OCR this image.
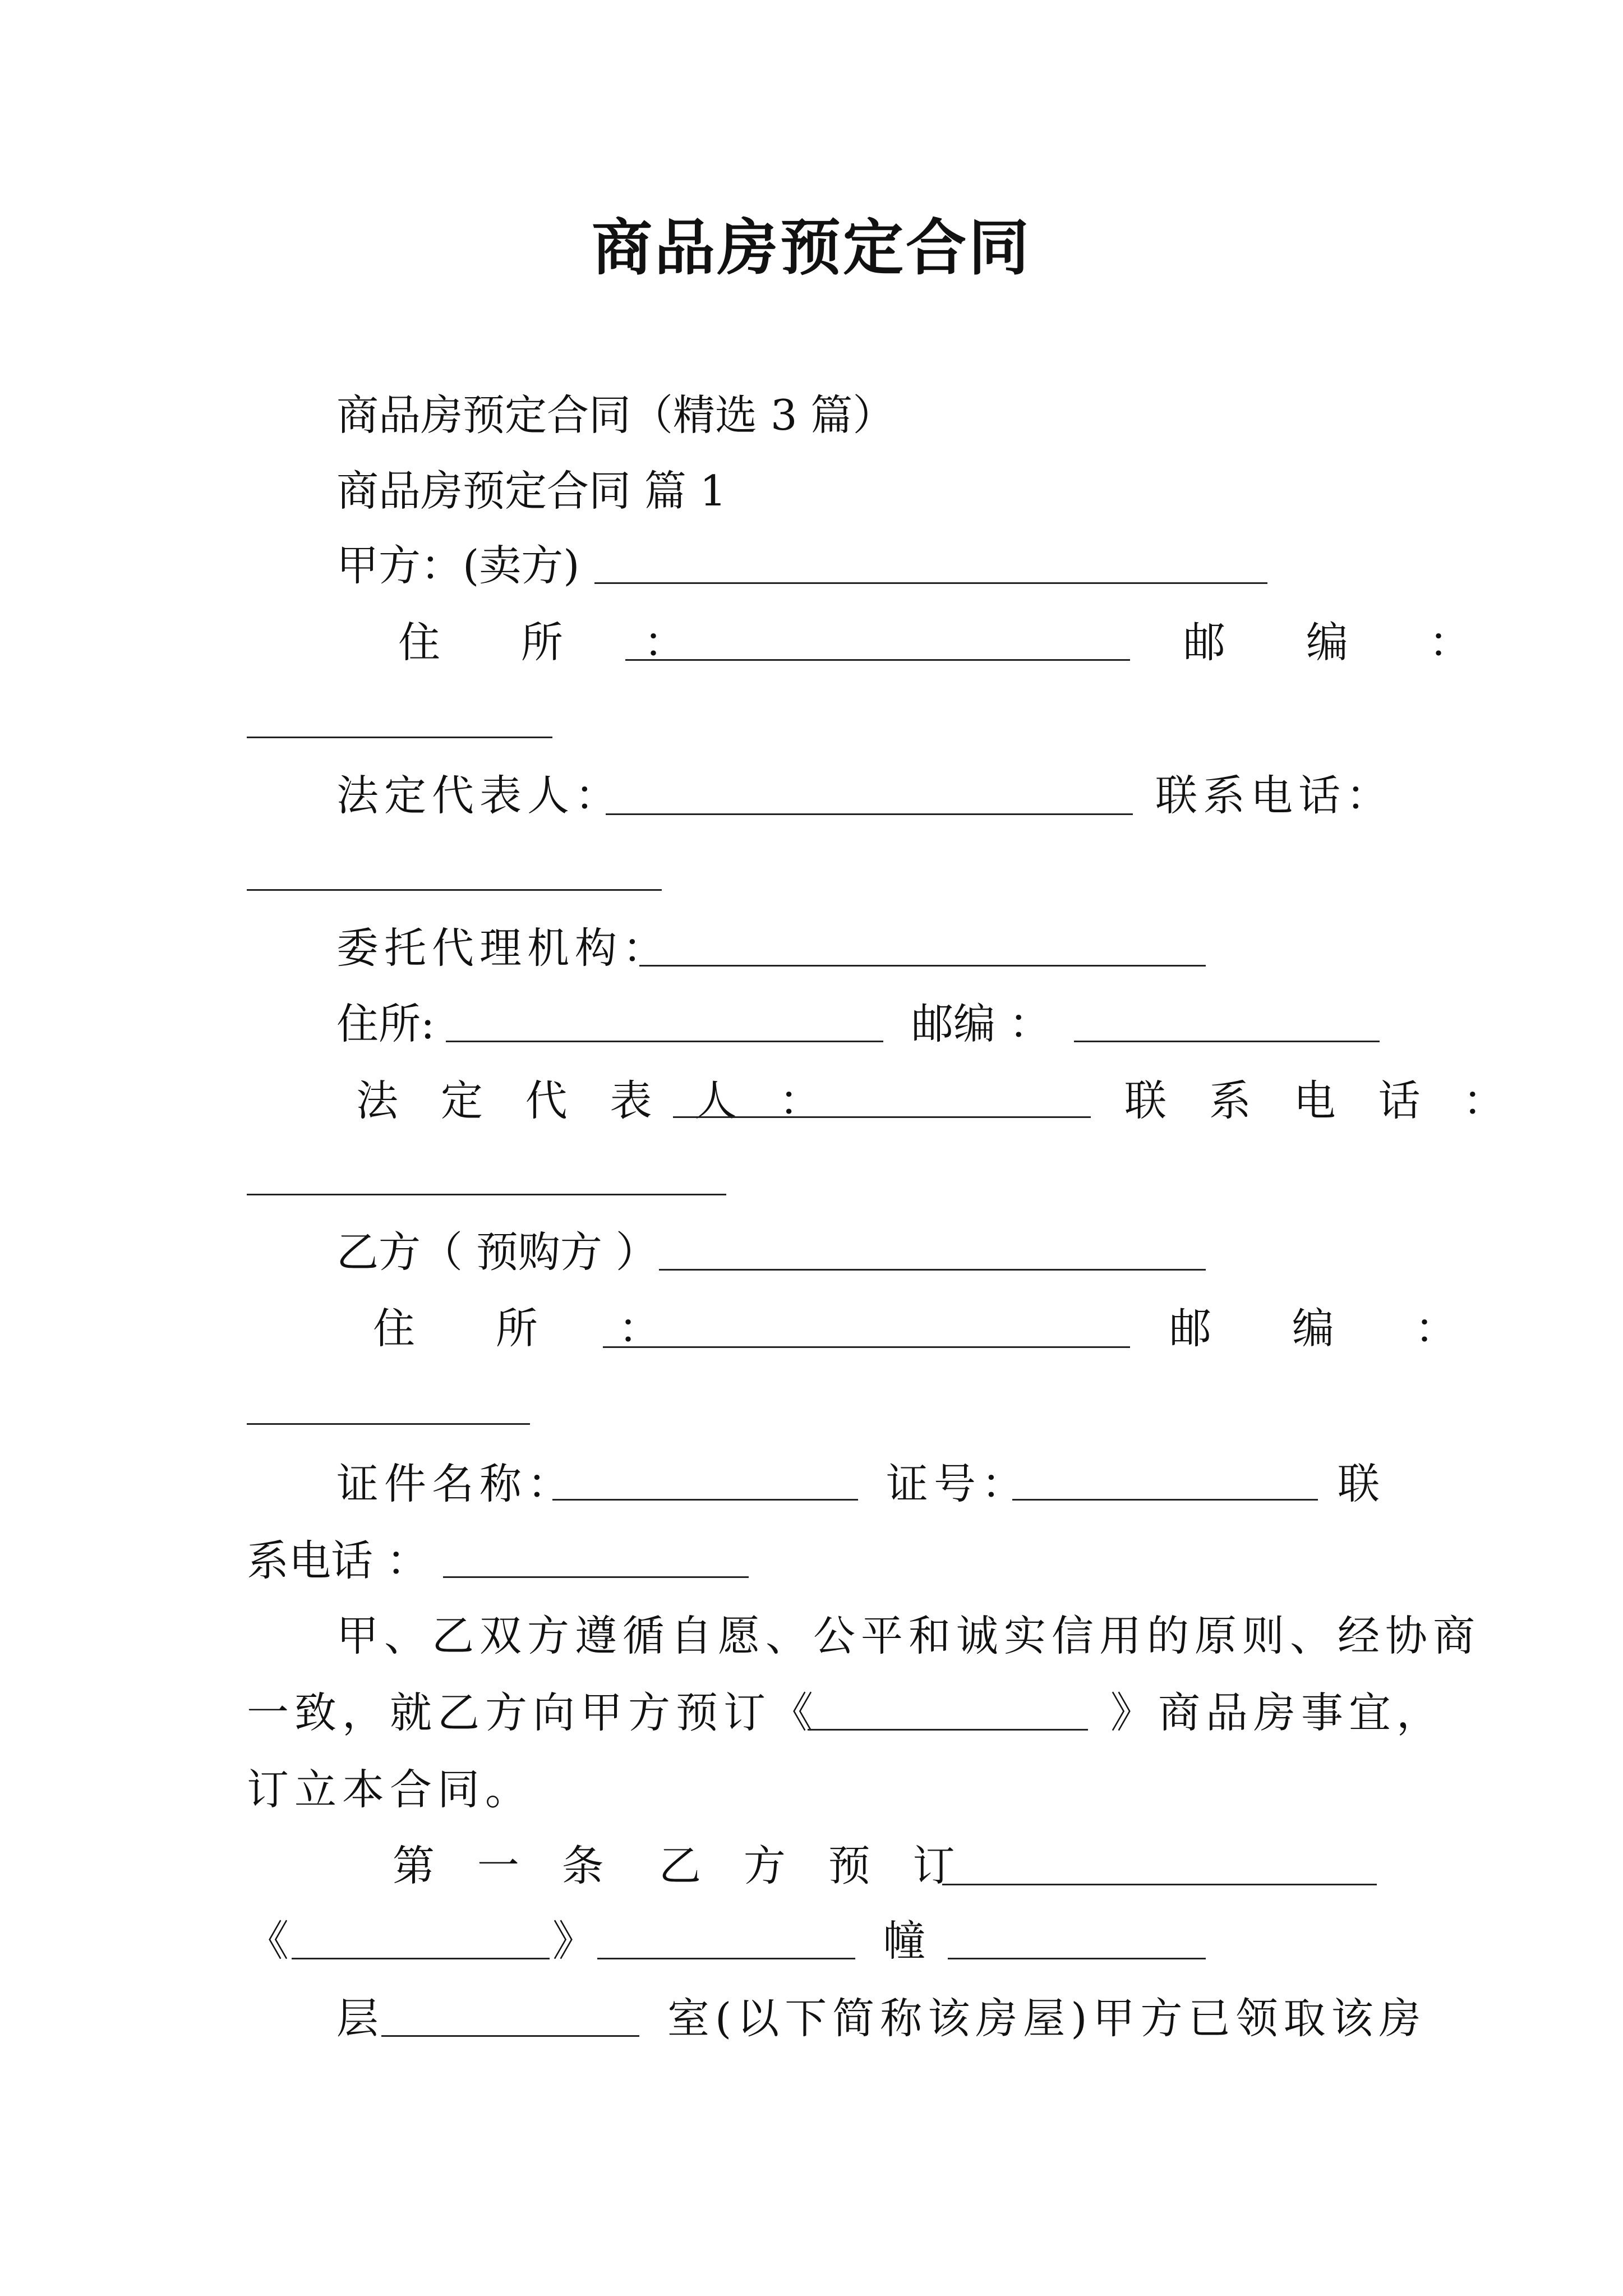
商品房预定合同
商品房预定合同（精选 3 篇）
商品房预定合同 篇 1
甲方：(卖方)
住 所 ：	邮 编 ：
法定代表人：	联系电话：
委托代理机构：
住所:	邮编 ：
法 定 代 表 人 ：	联 系 电 话 ：
乙方（ 预购方 ）
住 所 ：	邮 编 ：
证件名称：	证号：	联
系电话 ：
甲、乙双方遵循自愿、公平和诚实信用的原则、经协商
一致，就乙方向甲方预订《	》商品房事宜，
订立本合同。
第 一 条 乙 方 预 订
《	》	幢
层	室(以下简称该房屋)甲方已领取该房
